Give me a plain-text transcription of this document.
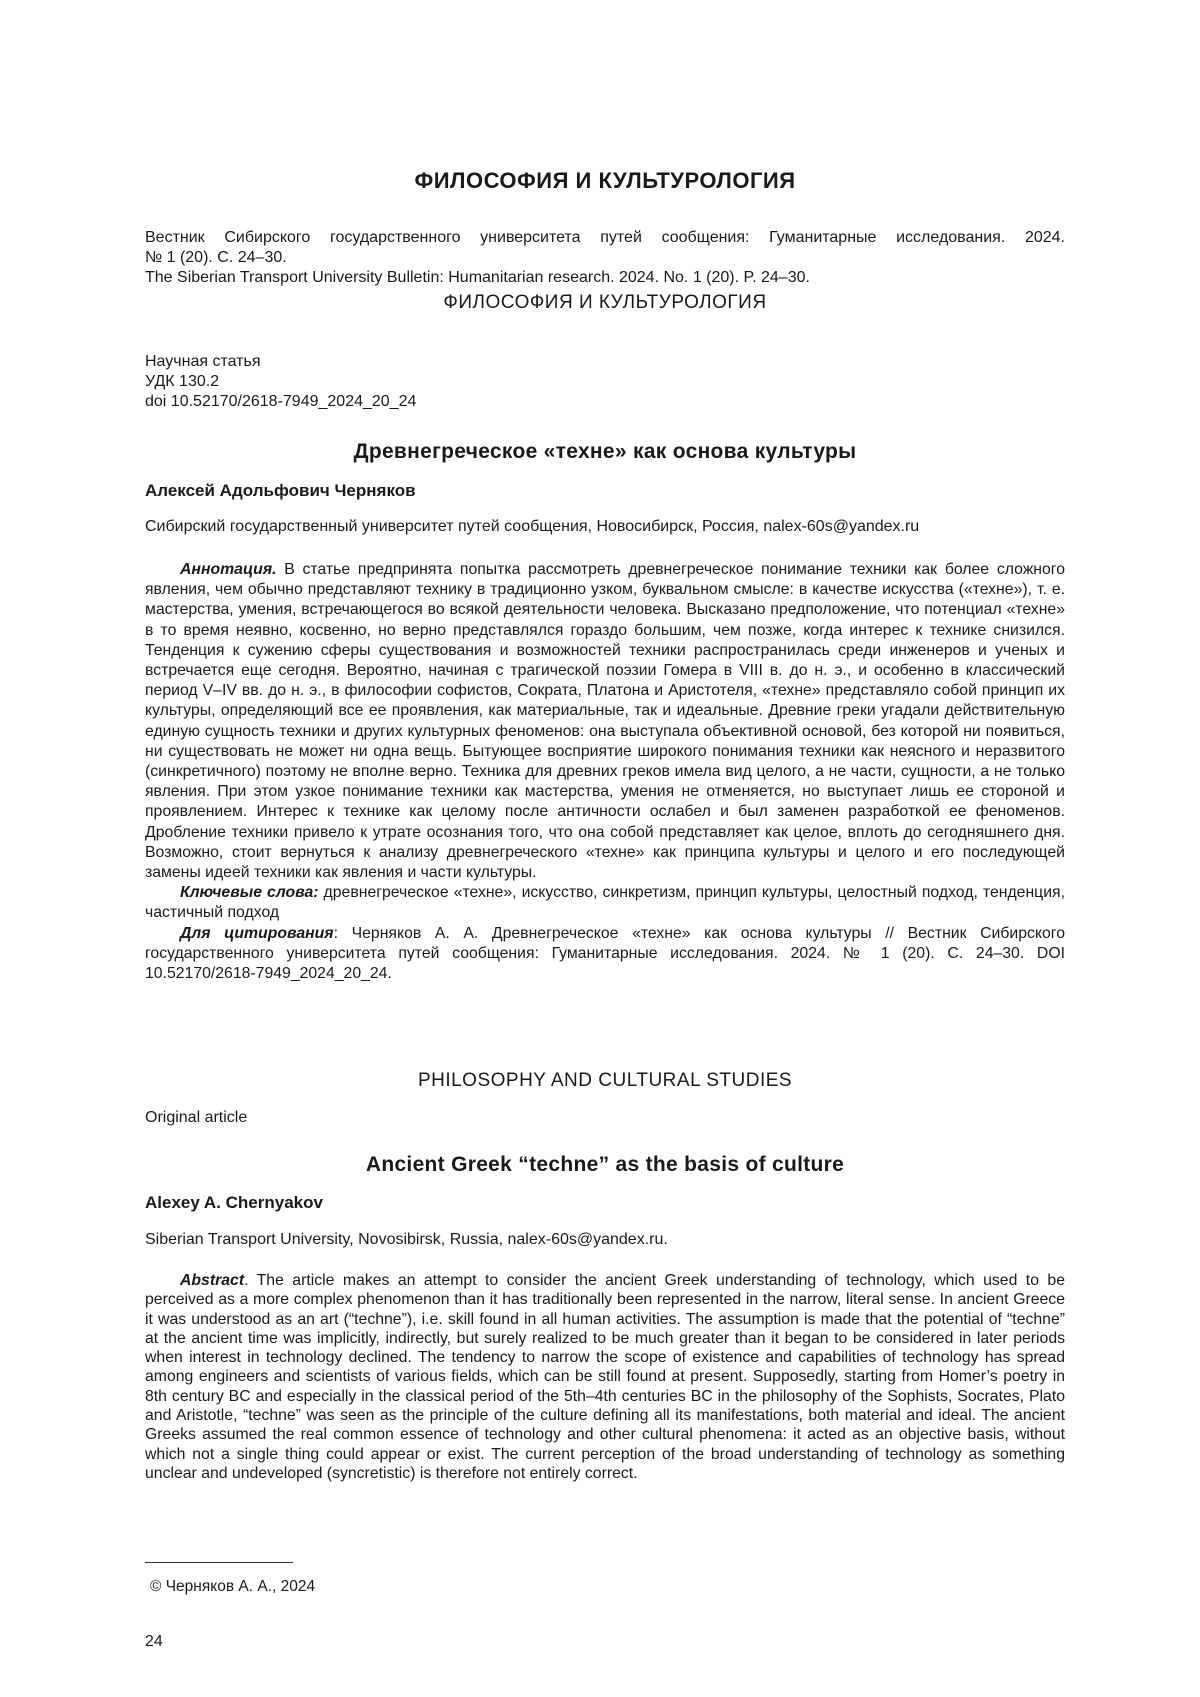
ФИЛОСОФИЯ И КУЛЬТУРОЛОГИЯ
Вестник Сибирского государственного университета путей сообщения: Гуманитарные исследования. 2024.
№ 1 (20). С. 24–30.
The Siberian Transport University Bulletin: Humanitarian research. 2024. No. 1 (20). P. 24–30.
ФИЛОСОФИЯ И КУЛЬТУРОЛОГИЯ
Научная статья
УДК 130.2
doi 10.52170/2618-7949_2024_20_24
Древнегреческое «техне» как основа культуры
Алексей Адольфович Черняков
Сибирский государственный университет путей сообщения, Новосибирск, Россия, nalex-60s@yandex.ru

Аннотация. В статье предпринята попытка рассмотреть древнегреческое понимание техники как более сложного явления, чем обычно представляют технику в традиционно узком, буквальном смысле: в качестве искусства («техне»), т. е. мастерства, умения, встречающегося во всякой деятельности человека. Высказано предположение, что потенциал «техне» в то время неявно, косвенно, но верно представлялся гораздо большим, чем позже, когда интерес к технике снизился. Тенденция к сужению сферы существования и возможностей техники распространилась среди инженеров и ученых и встречается еще сегодня. Вероятно, начиная с трагической поэзии Гомера в VIII в. до н. э., и особенно в классический период V–IV вв. до н. э., в философии софистов, Сократа, Платона и Аристотеля, «техне» представляло собой принцип их культуры, определяющий все ее проявления, как материальные, так и идеальные. Древние греки угадали действительную единую сущность техники и других культурных феноменов: она выступала объективной основой, без которой ни появиться, ни существовать не может ни одна вещь. Бытующее восприятие широкого понимания техники как неясного и неразвитого (синкретичного) поэтому не вполне верно. Техника для древних греков имела вид целого, а не части, сущности, а не только явления. При этом узкое понимание техники как мастерства, умения не отменяется, но выступает лишь ее стороной и проявлением. Интерес к технике как целому после античности ослабел и был заменен разработкой ее феноменов. Дробление техники привело к утрате осознания того, что она собой представляет как целое, вплоть до сегодняшнего дня. Возможно, стоит вернуться к анализу древнегреческого «техне» как принципа культуры и целого и его последующей замены идеей техники как явления и части культуры.

Ключевые слова: древнегреческое «техне», искусство, синкретизм, принцип культуры, целостный подход, тенденция, частичный подход

Для цитирования: Черняков А. А. Древнегреческое «техне» как основа культуры // Вестник Сибирского государственного университета путей сообщения: Гуманитарные исследования. 2024. № 1 (20). С. 24–30. DOI 10.52170/2618-7949_2024_20_24.

PHILOSOPHY AND CULTURAL STUDIES
Original article
Ancient Greek “techne” as the basis of culture
Alexey A. Chernyakov
Siberian Transport University, Novosibirsk, Russia, nalex-60s@yandex.ru.

Abstract. The article makes an attempt to consider the ancient Greek understanding of technology, which used to be perceived as a more complex phenomenon than it has traditionally been represented in the narrow, literal sense. In ancient Greece it was understood as an art (“techne”), i.e. skill found in all human activities. The assumption is made that the potential of “techne” at the ancient time was implicitly, indirectly, but surely realized to be much greater than it began to be considered in later periods when interest in technology declined. The tendency to narrow the scope of existence and capabilities of technology has spread among engineers and scientists of various fields, which can be still found at present. Supposedly, starting from Homer’s poetry in 8th century BC and especially in the classical period of the 5th–4th centuries BC in the philosophy of the Sophists, Socrates, Plato and Aristotle, “techne” was seen as the principle of the culture defining all its manifestations, both material and ideal. The ancient Greeks assumed the real common essence of technology and other cultural phenomena: it acted as an objective basis, without which not a single thing could appear or exist. The current perception of the broad understanding of technology as something unclear and undeveloped (syncretistic) is therefore not entirely correct.

© Черняков А. А., 2024
24
